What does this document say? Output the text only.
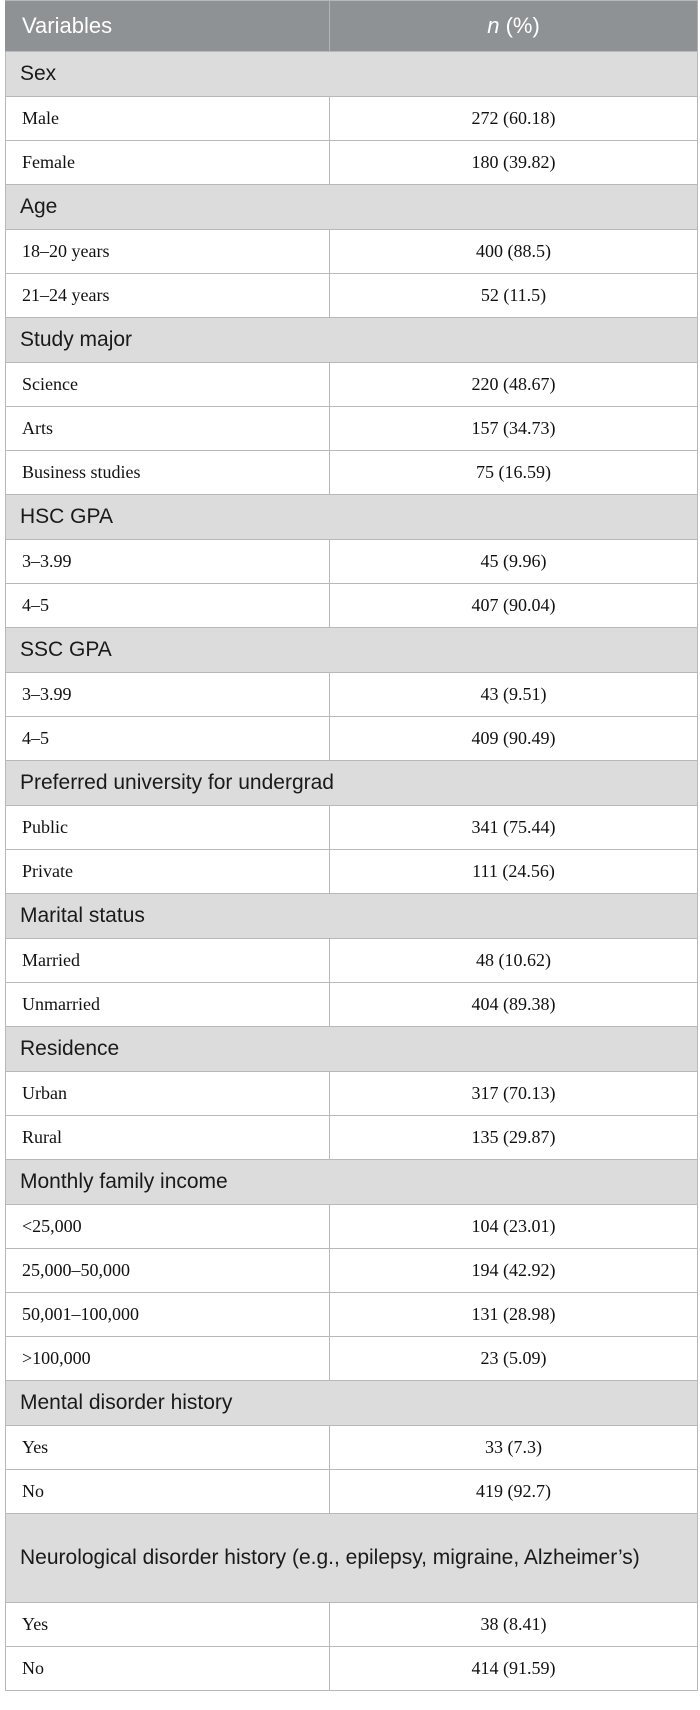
Variables	n (%)
Sex	
Male	272 (60.18)
Female	180 (39.82)
Age	
18–20 years	400 (88.5)
21–24 years	52 (11.5)
Study major	
Science	220 (48.67)
Arts	157 (34.73)
Business studies	75 (16.59)
HSC GPA	
3–3.99	45 (9.96)
4–5	407 (90.04)
SSC GPA	
3–3.99	43 (9.51)
4–5	409 (90.49)
Preferred university for undergrad	
Public	341 (75.44)
Private	111 (24.56)
Marital status	
Married	48 (10.62)
Unmarried	404 (89.38)
Residence	
Urban	317 (70.13)
Rural	135 (29.87)
Monthly family income	
<25,000	104 (23.01)
25,000–50,000	194 (42.92)
50,001–100,000	131 (28.98)
>100,000	23 (5.09)
Mental disorder history	
Yes	33 (7.3)
No	419 (92.7)
Neurological disorder history (e.g., epilepsy, migraine, Alzheimer’s)	
Yes	38 (8.41)
No	414 (91.59)
